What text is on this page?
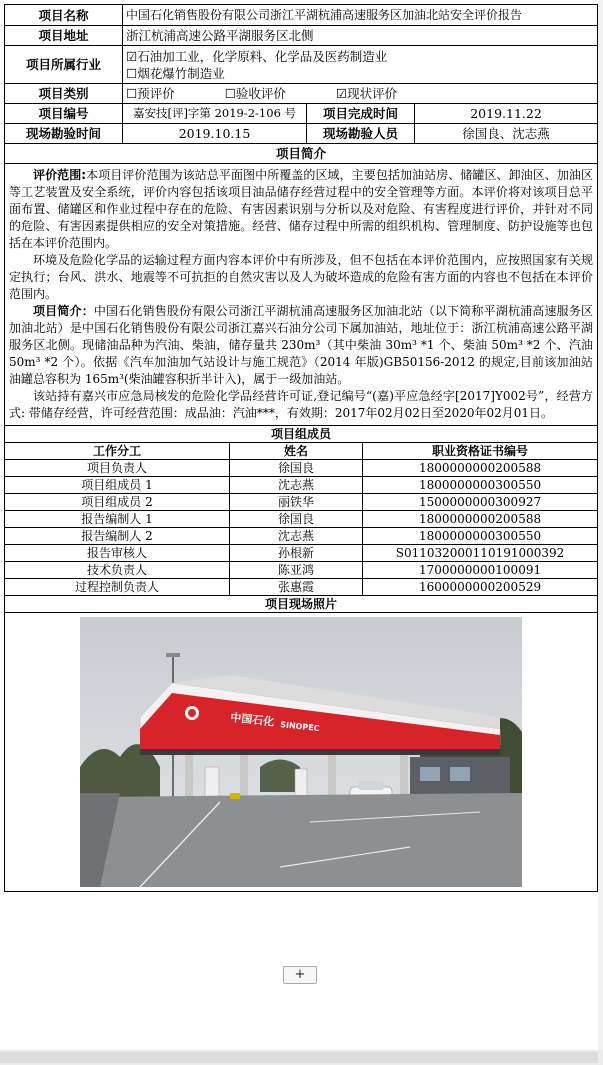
项目名称	中国石化销售股份有限公司浙江平湖杭浦高速服务区加油北站安全评价报告		
项目地址	浙江杭浦高速公路平湖服务区北侧		
项目所属行业	☑石油加工业，化学原料、化学品及医药制造业
☐烟花爆竹制造业		

项目类别	☐预评价 ☐验收评价 ☑现状评价		
项目编号	嘉安技[评]字第 2019-2-106 号	项目完成时间	2019.11.22
现场勘验时间	2019.10.15	现场勘验人员	徐国良、沈志燕
项目简介			

评价范围:本项目评价范围为该站总平面图中所覆盖的区域，主要包括加油站房、储罐区、卸油区、加油区等工艺装置及安全系统，评价内容包括该项目油品储存经营过程中的安全管理等方面。本评价将对该项目总平面布置、储罐区和作业过程中存在的危险、有害因素识别与分析以及对危险、有害程度进行评价，并针对不同的危险、有害因素提供相应的安全对策措施。经营、储存过程中所需的组织机构、管理制度、防护设施等也包括在本评价范围内。

环境及危险化学品的运输过程方面内容本评价中有所涉及，但不包括在本评价范围内，应按照国家有关规定执行；台风、洪水、地震等不可抗拒的自然灾害以及人为破坏造成的危险有害方面的内容也不包括在本评价范围内。

项目简介：中国石化销售股份有限公司浙江平湖杭浦高速服务区加油北站（以下简称平湖杭浦高速服务区加油北站）是中国石化销售股份有限公司浙江嘉兴石油分公司下属加油站，地址位于：浙江杭浦高速公路平湖服务区北侧。现储油品种为汽油、柴油，储存量共 230m³（其中柴油 30m³ *1 个、柴油 50m³ *2 个、汽油 50m³ *2 个）。依据《汽车加油加气站设计与施工规范》（2014 年版)GB50156-2012 的规定,目前该加油站油罐总容积为 165m³(柴油罐容积折半计入)，属于一级加油站。

该站持有嘉兴市应急局核发的危险化学品经营许可证,登记编号“(嘉)平应急经字[2017]Y002号”，经营方式: 带储存经营，许可经营范围：成品油：汽油***，有效期：2017年02月02日至2020年02月01日。			

项目组成员		
工作分工	姓名	职业资格证书编号
项目负责人	徐国良	1800000000200588
项目组成员 1	沈志燕	1800000000300550
项目组成员 2	丽铁华	1500000000300927
报告编制人 1	徐国良	1800000000200588
报告编制人 2	沈志燕	1800000000300550
报告审核人	孙根新	S011032000110191000392
技术负责人	陈亚鸿	1700000000100091
过程控制负责人	张惠霞	1600000000200529
项目现场照片		

中国石化 SINOPEC		
+
